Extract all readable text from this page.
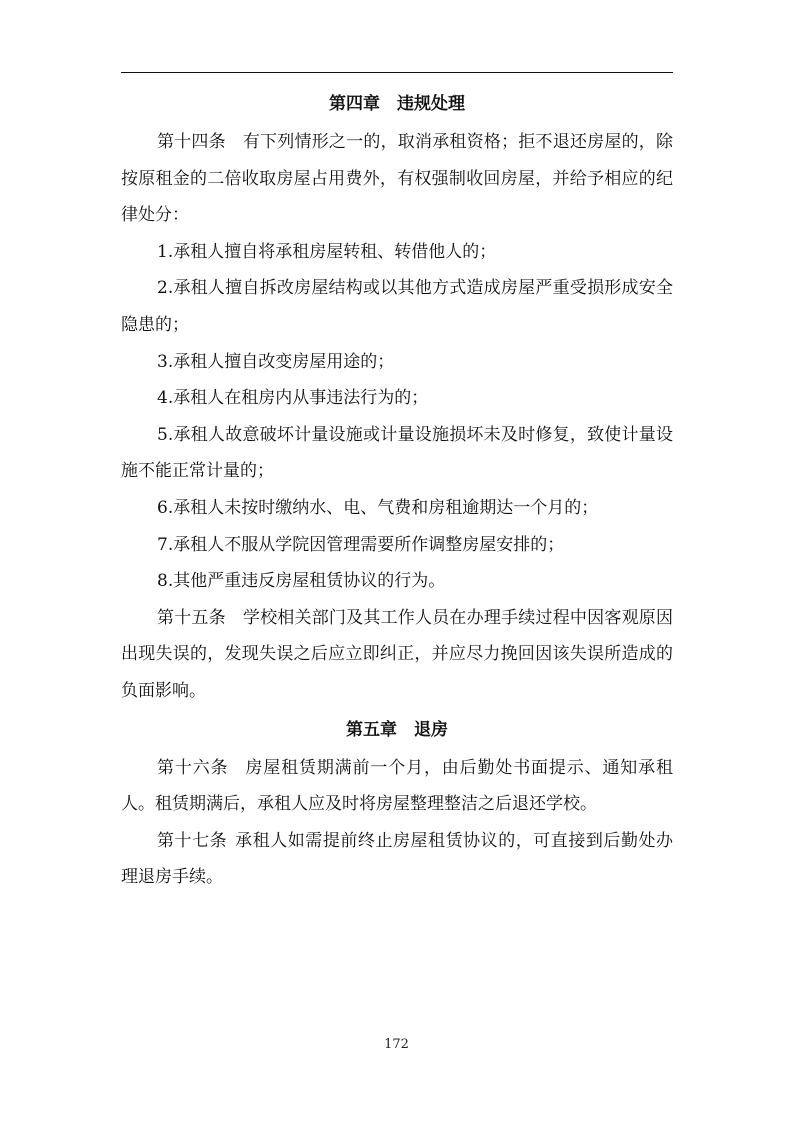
第四章　违规处理

第十四条 有下列情形之一的，取消承租资格；拒不退还房屋的，除按原租金的二倍收取房屋占用费外，有权强制收回房屋，并给予相应的纪律处分：

1.承租人擅自将承租房屋转租、转借他人的；

2.承租人擅自拆改房屋结构或以其他方式造成房屋严重受损形成安全隐患的；

3.承租人擅自改变房屋用途的；

4.承租人在租房内从事违法行为的；

5.承租人故意破坏计量设施或计量设施损坏未及时修复，致使计量设施不能正常计量的；

6.承租人未按时缴纳水、电、气费和房租逾期达一个月的；

7.承租人不服从学院因管理需要所作调整房屋安排的；

8.其他严重违反房屋租赁协议的行为。

第十五条 学校相关部门及其工作人员在办理手续过程中因客观原因出现失误的，发现失误之后应立即纠正，并应尽力挽回因该失误所造成的负面影响。

第五章　退房

第十六条 房屋租赁期满前一个月，由后勤处书面提示、通知承租人。租赁期满后，承租人应及时将房屋整理整洁之后退还学校。

第十七条 承租人如需提前终止房屋租赁协议的，可直接到后勤处办理退房手续。

172
